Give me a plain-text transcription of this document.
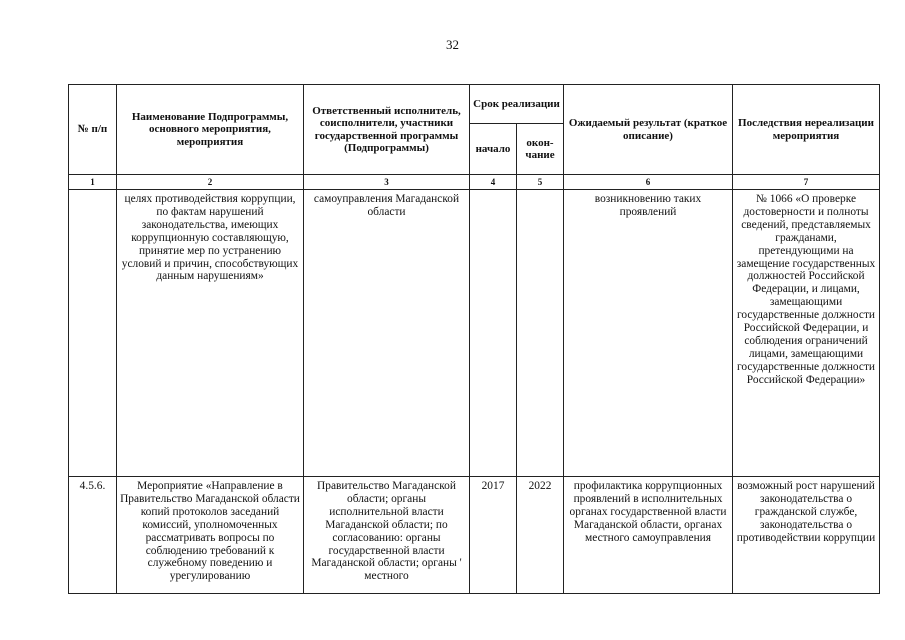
32
№ п/п	Наименование Подпрограммы, основного мероприятия, мероприятия	Ответственный исполнитель, соисполнители, участники государственной программы (Подпрограммы)	Срок реализации		Ожидаемый результат (краткое описание)	Последствия нереализации мероприятия
			начало	окон-чание		
1	2	3	4	5	6	7
	целях противодействия коррупции, по фактам нарушений законодательства, имеющих коррупционную составляющую, принятие мер по устранению условий и причин, способствующих данным нарушениям»	самоуправления Магаданской области			возникновению таких проявлений	№ 1066 «О проверке достоверности и полноты сведений, представляемых гражданами, претендующими на замещение государственных должностей Российской Федерации, и лицами, замещающими государственные должности Российской Федерации, и соблюдения ограничений лицами, замещающими государственные должности Российской Федерации»
4.5.6.	Мероприятие «Направление в Правительство Магаданской области копий протоколов заседаний комиссий, уполномоченных рассматривать вопросы по соблюдению требований к служебному поведению и урегулированию	Правительство Магаданской области; органы исполнительной власти Магаданской области; по согласованию: органы государственной власти Магаданской области; органы ' местного	2017	2022	профилактика коррупционных проявлений в исполнительных органах государственной власти Магаданской области, органах местного самоуправления	возможный рост нарушений законодательства о гражданской службе, законодательства о противодействии коррупции
